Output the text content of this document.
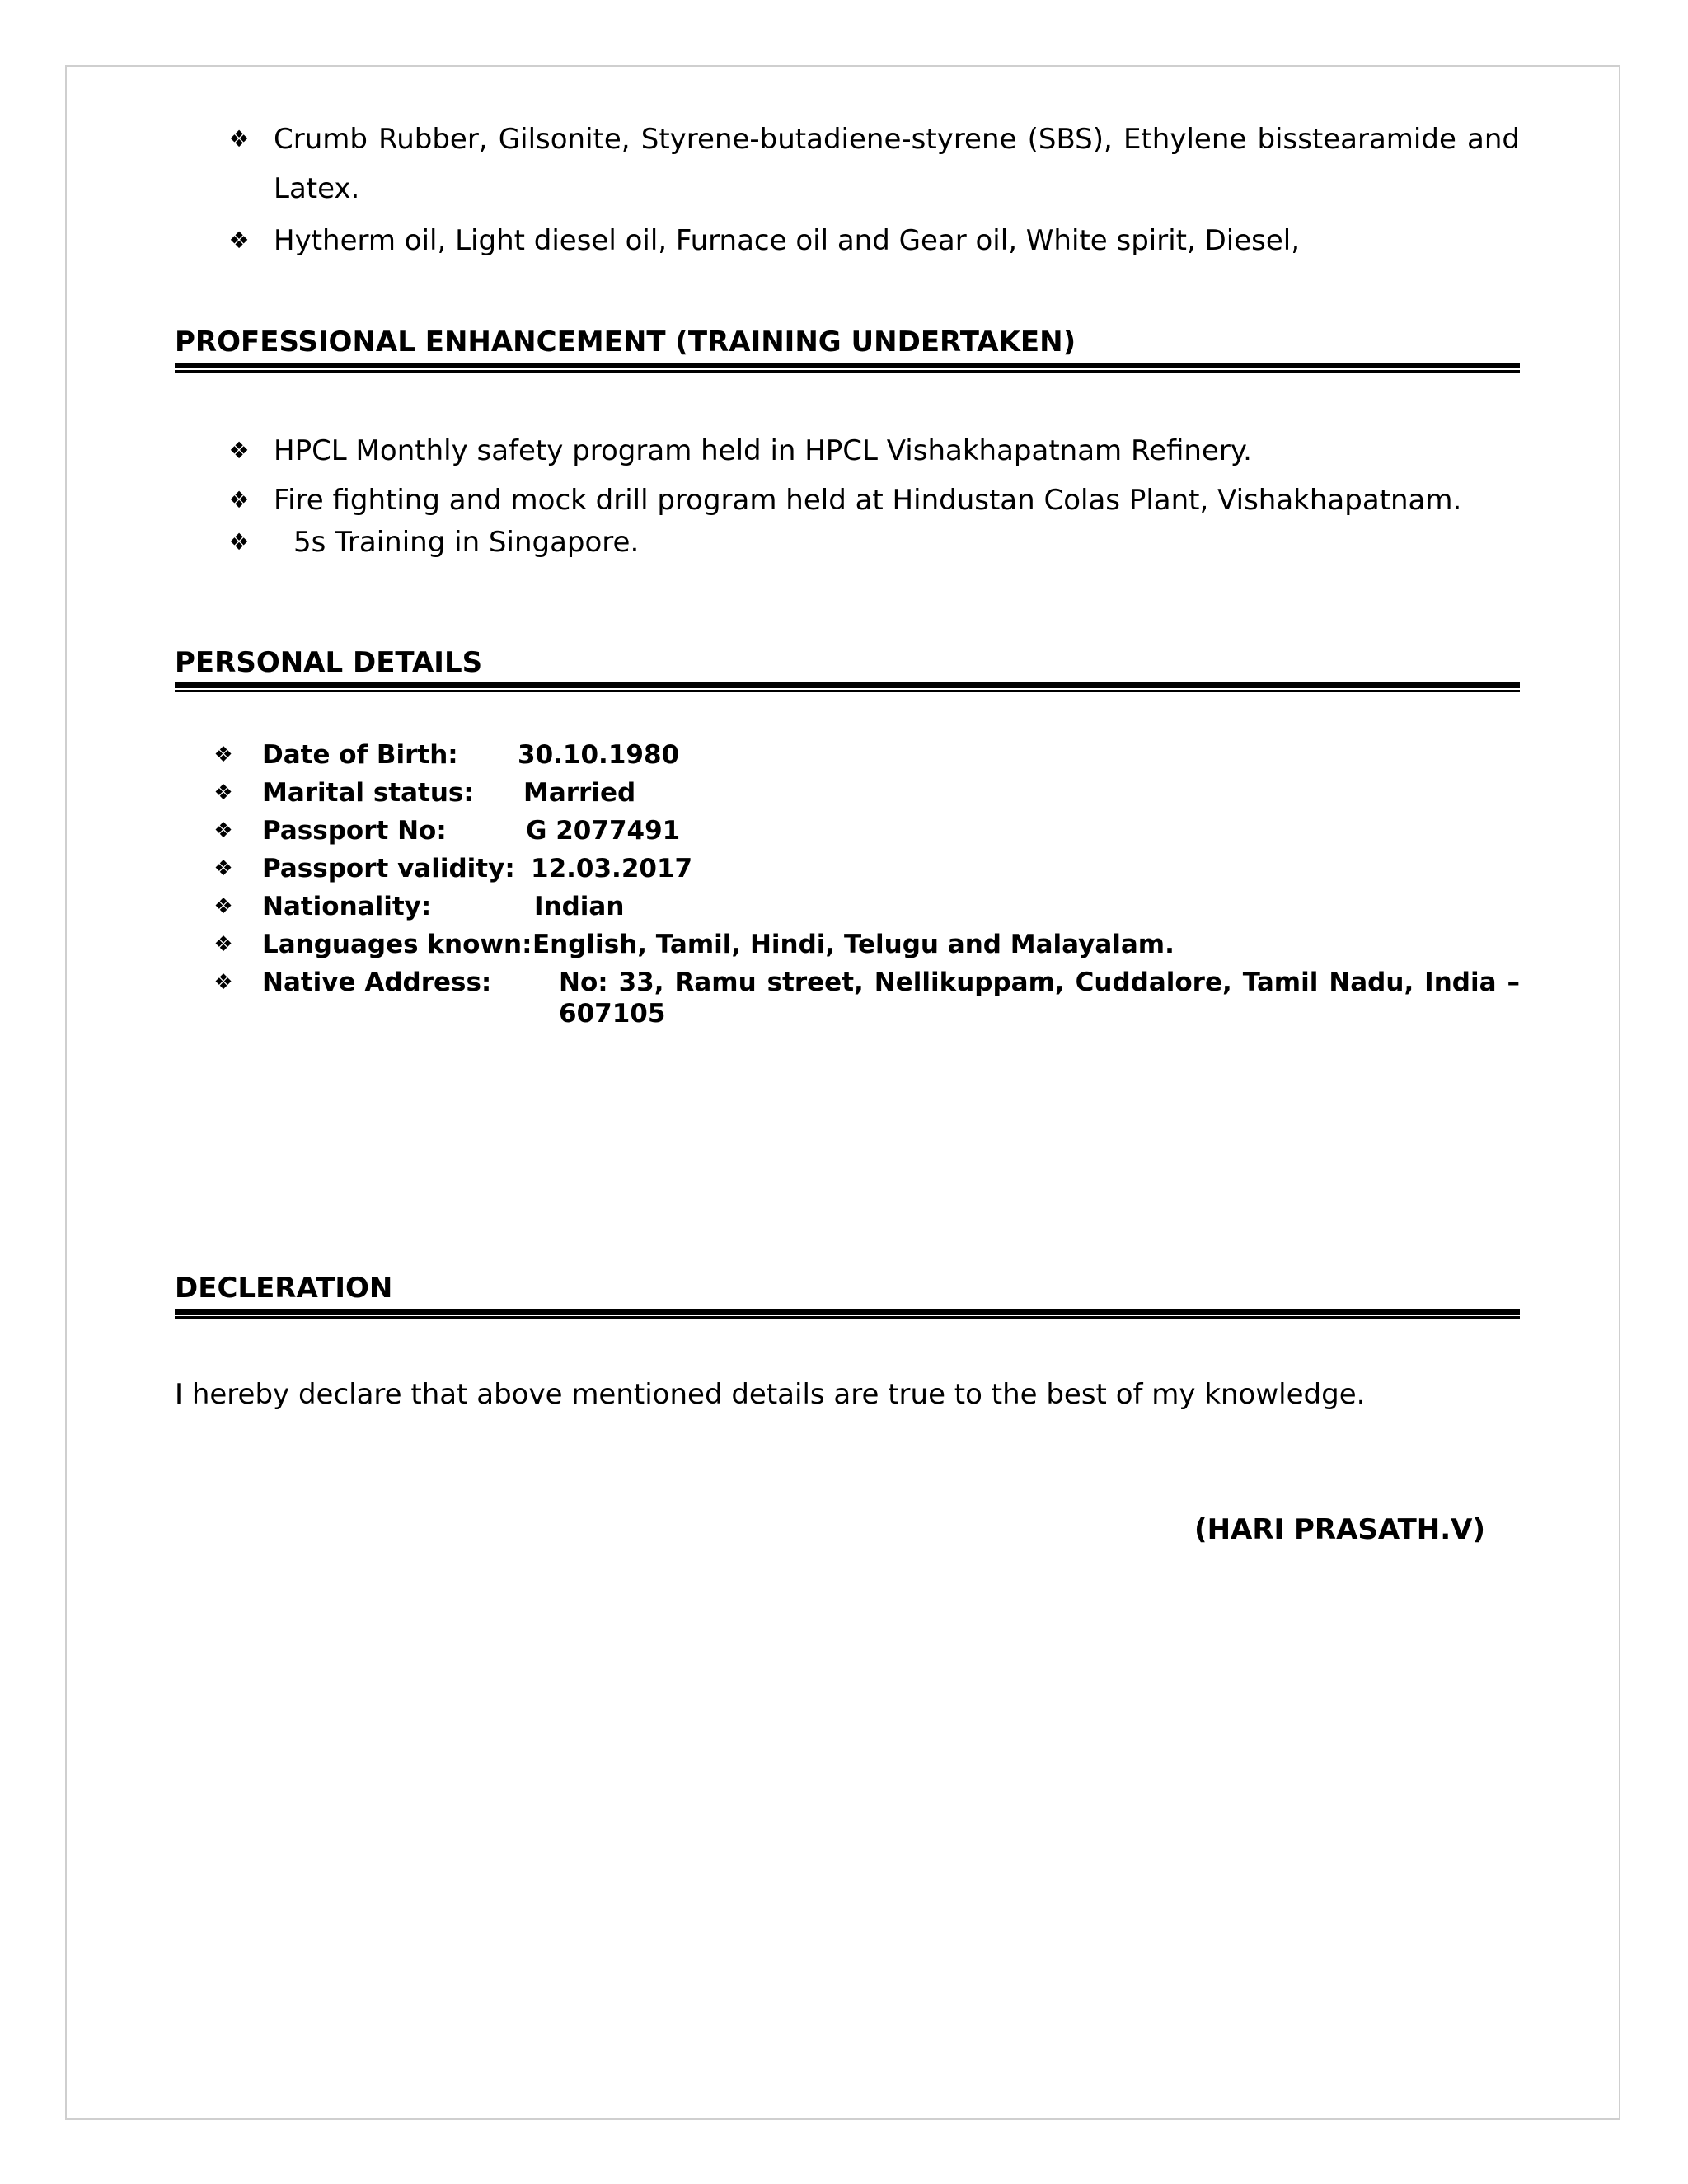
❖ Crumb Rubber, Gilsonite, Styrene-butadiene-styrene (SBS), Ethylene bisstearamide and Latex.
❖ Hytherm oil, Light diesel oil, Furnace oil and Gear oil, White spirit, Diesel,
PROFESSIONAL ENHANCEMENT (TRAINING UNDERTAKEN)
❖ HPCL Monthly safety program held in HPCL Vishakhapatnam Refinery.
❖ Fire fighting and mock drill program held at Hindustan Colas Plant, Vishakhapatnam.
❖	5s Training in Singapore.
PERSONAL DETAILS
❖ Date of Birth: 30.10.1980
❖ Marital status: Married
❖ Passport No:	G 2077491
❖ Passport validity: 12.03.2017
❖ Nationality:	Indian
❖ Languages known: English, Tamil, Hindi, Telugu and Malayalam.
❖ Native Address:	No: 33, Ramu street, Nellikuppam, Cuddalore, Tamil Nadu, India – 607105
DECLERATION
I hereby declare that above mentioned details are true to the best of my knowledge.
(HARI PRASATH.V)
